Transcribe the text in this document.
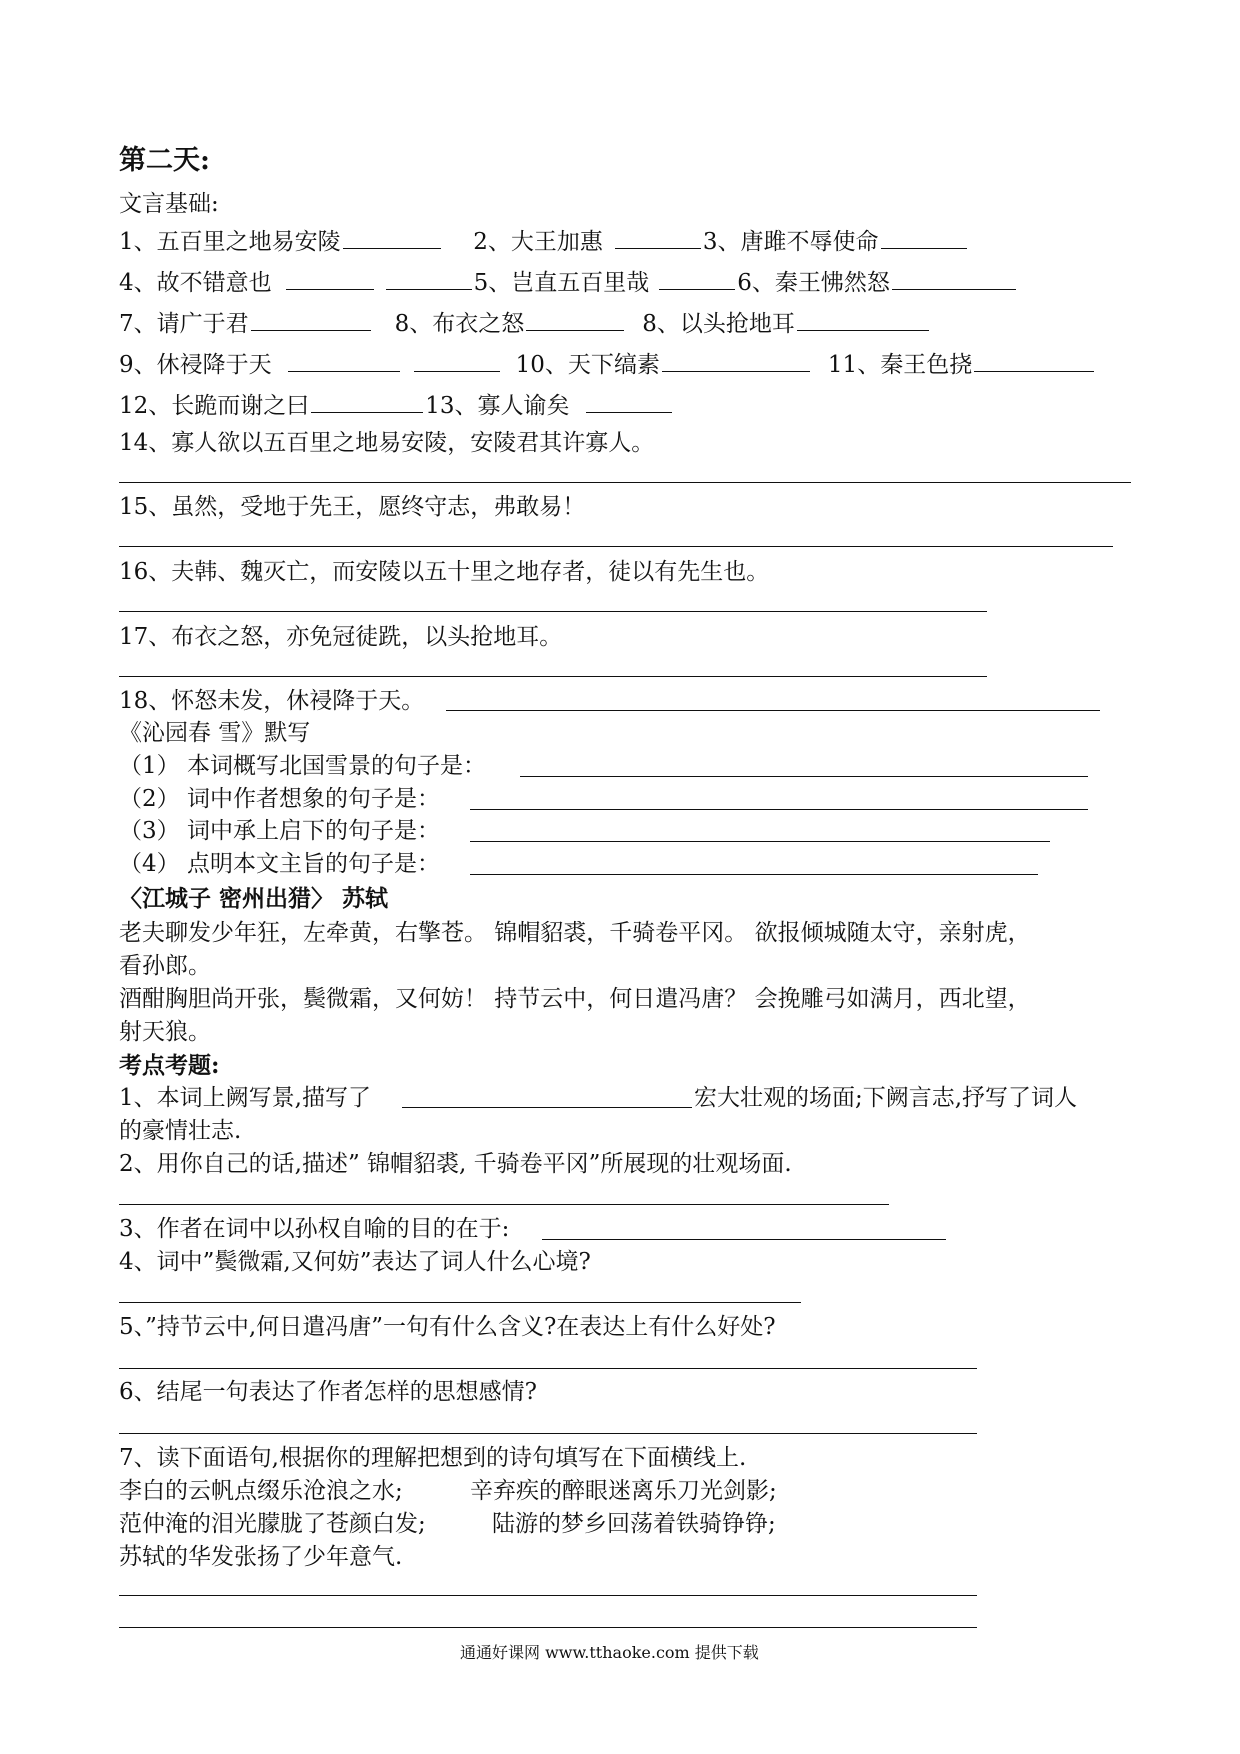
第二天:
文言基础:
1、五百里之地易安陵	2、大王加惠	3、唐雎不辱使命
4、故不错意也	5、岂直五百里哉	6、秦王怫然怒
7、请广于君	8、布衣之怒	8、以头抢地耳
9、休祲降于天	10、天下缟素	11、秦王色挠
12、长跪而谢之曰	13、寡人谕矣
14、寡人欲以五百里之地易安陵，安陵君其许寡人。
15、虽然，受地于先王，愿终守志，弗敢易！
16、夫韩、魏灭亡，而安陵以五十里之地存者，徒以有先生也。
17、布衣之怒，亦免冠徒跣，以头抢地耳。
18、怀怒未发，休祲降于天。
《沁园春 雪》默写
（1） 本词概写北国雪景的句子是：
（2） 词中作者想象的句子是：
（3） 词中承上启下的句子是：
（4） 点明本文主旨的句子是：
〈江城子 密州出猎〉 苏轼
老夫聊发少年狂，左牵黄，右擎苍。 锦帽貂裘，千骑卷平冈。 欲报倾城随太守，亲射虎，
看孙郎。
酒酣胸胆尚开张，鬓微霜，又何妨！ 持节云中，何日遣冯唐？ 会挽雕弓如满月，西北望，
射天狼。
考点考题:
1、本词上阙写景,描写了	宏大壮观的场面;下阙言志,抒写了词人
的豪情壮志.
2、用你自己的话,描述” 锦帽貂裘, 千骑卷平冈”所展现的壮观场面.
3、作者在词中以孙权自喻的目的在于:
4、词中”鬓微霜,又何妨”表达了词人什么心境?
5、”持节云中,何日遣冯唐”一句有什么含义?在表达上有什么好处?
6、结尾一句表达了作者怎样的思想感情?
7、读下面语句,根据你的理解把想到的诗句填写在下面横线上.
李白的云帆点缀乐沧浪之水;	辛弃疾的醉眼迷离乐刀光剑影;
范仲淹的泪光朦胧了苍颜白发;	陆游的梦乡回荡着铁骑铮铮;
苏轼的华发张扬了少年意气.
通通好课网 www.tthaoke.com 提供下载
